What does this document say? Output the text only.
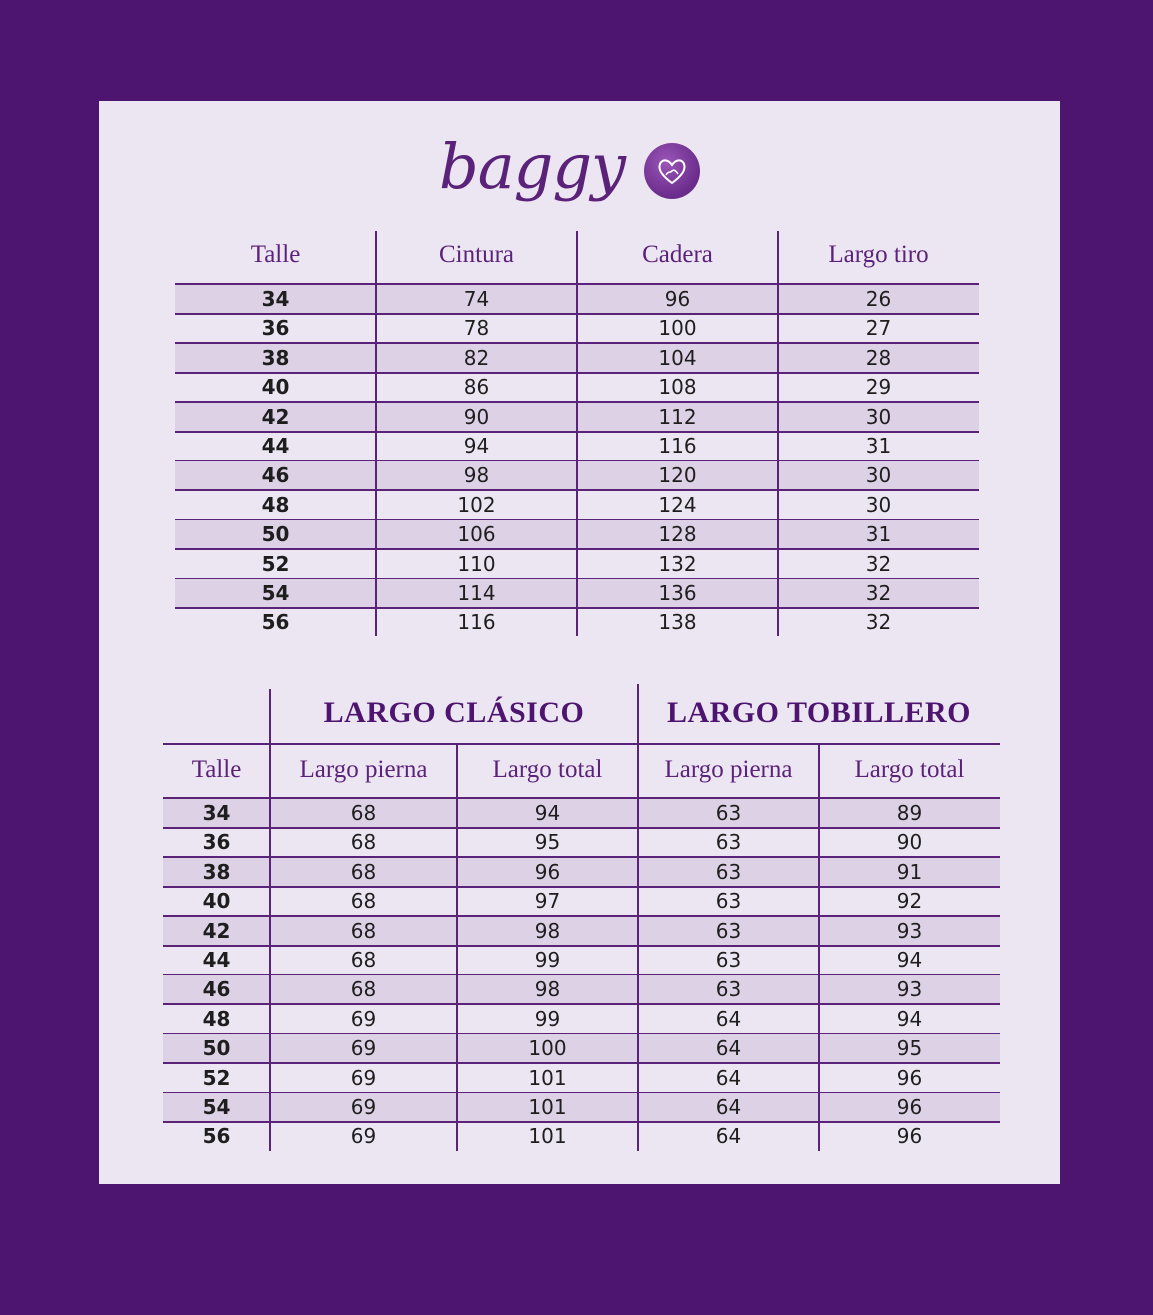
baggy
Talle	Cintura	Cadera	Largo tiro
34	74	96	26
36	78	100	27
38	82	104	28
40	86	108	29
42	90	112	30
44	94	116	31
46	98	120	30
48	102	124	30
50	106	128	31
52	110	132	32
54	114	136	32
56	116	138	32
LARGO CLÁSICO	LARGO TOBILLERO
Talle	Largo pierna	Largo total	Largo pierna	Largo total
34	68	94	63	89
36	68	95	63	90
38	68	96	63	91
40	68	97	63	92
42	68	98	63	93
44	68	99	63	94
46	68	98	63	93
48	69	99	64	94
50	69	100	64	95
52	69	101	64	96
54	69	101	64	96
56	69	101	64	96
